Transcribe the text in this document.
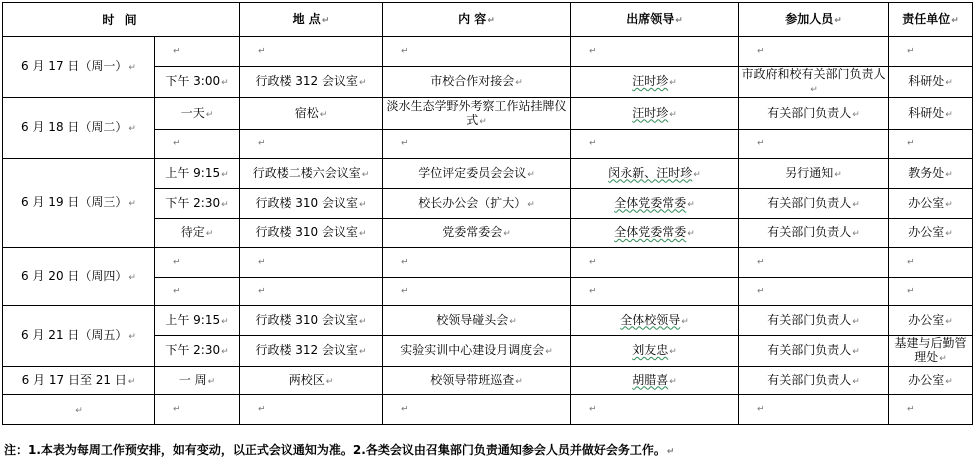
时 间		地 点↵	内 容↵	出席领导↵	参加人员↵	责任单位↵
6 月 17 日（周一）↵	↵	↵	↵	↵	↵	↵

	下午 3:00↵	行政楼 312 会议室↵	市校合作对接会↵	汪时珍↵	市政府和校有关部门负责人↵	科研处↵
6 月 18 日（周二）↵	一天↵	宿松↵	淡水生态学野外考察工作站挂牌仪式↵	汪时珍↵	有关部门负责人↵	科研处↵

	↵	↵	↵	↵	↵	↵

6 月 19 日（周三）↵	上午 9:15↵	行政楼二楼六会议室↵	学位评定委员会会议↵	闵永新、汪时珍↵	另行通知↵	教务处↵
	下午 2:30↵	行政楼 310 会议室↵	校长办公会（扩大）↵	全体党委常委↵	有关部门负责人↵	办公室↵
	待定↵	行政楼 310 会议室↵	党委常委会↵	全体党委常委↵	有关部门负责人↵	办公室↵
6 月 20 日（周四）↵	↵	↵	↵	↵	↵	↵

	↵	↵	↵	↵	↵	↵

6 月 21 日（周五）↵	上午 9:15↵	行政楼 310 会议室↵	校领导碰头会↵	全体校领导↵	有关部门负责人↵	办公室↵
	下午 2:30↵	行政楼 312 会议室↵	实验实训中心建设月调度会↵	刘友忠↵	有关部门负责人↵	基建与后勤管理处↵
6 月 17 日至 21 日↵	一 周↵	两校区↵	校领导带班巡查↵	胡腊喜↵	有关部门负责人↵	办公室↵
↵	↵	↵	↵	↵	↵	↵
注：1.本表为每周工作预安排，如有变动，以正式会议通知为准。2.各类会议由召集部门负责通知参会人员并做好会务工作。↵
